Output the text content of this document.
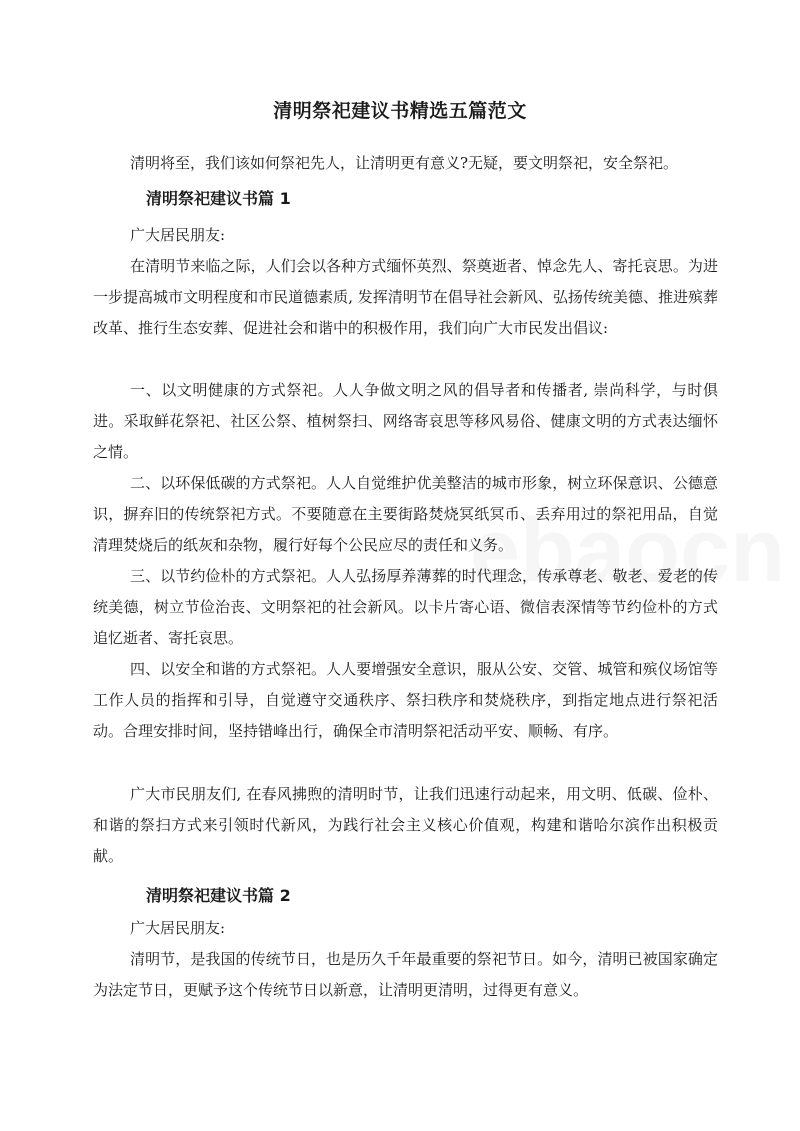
清明祭祀建议书精选五篇范文

清明将至，我们该如何祭祀先人，让清明更有意义?无疑，要文明祭祀，安全祭祀。

清明祭祀建议书篇 1

广大居民朋友:

在清明节来临之际，人们会以各种方式缅怀英烈、祭奠逝者、悼念先人、寄托哀思。为进一步提高城市文明程度和市民道德素质, 发挥清明节在倡导社会新风、弘扬传统美德、推进殡葬改革、推行生态安葬、促进社会和谐中的积极作用，我们向广大市民发出倡议:

一、以文明健康的方式祭祀。人人争做文明之风的倡导者和传播者, 崇尚科学，与时俱进。采取鲜花祭祀、社区公祭、植树祭扫、网络寄哀思等移风易俗、健康文明的方式表达缅怀之情。

二、以环保低碳的方式祭祀。人人自觉维护优美整洁的城市形象，树立环保意识、公德意识，摒弃旧的传统祭祀方式。不要随意在主要街路焚烧冥纸冥币、丢弃用过的祭祀用品，自觉清理焚烧后的纸灰和杂物，履行好每个公民应尽的责任和义务。

三、以节约俭朴的方式祭祀。人人弘扬厚养薄葬的时代理念，传承尊老、敬老、爱老的传统美德，树立节俭治丧、文明祭祀的社会新风。以卡片寄心语、微信表深情等节约俭朴的方式追忆逝者、寄托哀思。

四、以安全和谐的方式祭祀。人人要增强安全意识，服从公安、交管、城管和殡仪场馆等工作人员的指挥和引导，自觉遵守交通秩序、祭扫秩序和焚烧秩序，到指定地点进行祭祀活动。合理安排时间，坚持错峰出行，确保全市清明祭祀活动平安、顺畅、有序。

广大市民朋友们, 在春风拂煦的清明时节，让我们迅速行动起来，用文明、低碳、俭朴、和谐的祭扫方式来引领时代新风，为践行社会主义核心价值观，构建和谐哈尔滨作出积极贡献。

清明祭祀建议书篇 2

广大居民朋友:

清明节，是我国的传统节日，也是历久千年最重要的祭祀节日。如今，清明已被国家确定为法定节日，更赋予这个传统节日以新意，让清明更清明，过得更有意义。
